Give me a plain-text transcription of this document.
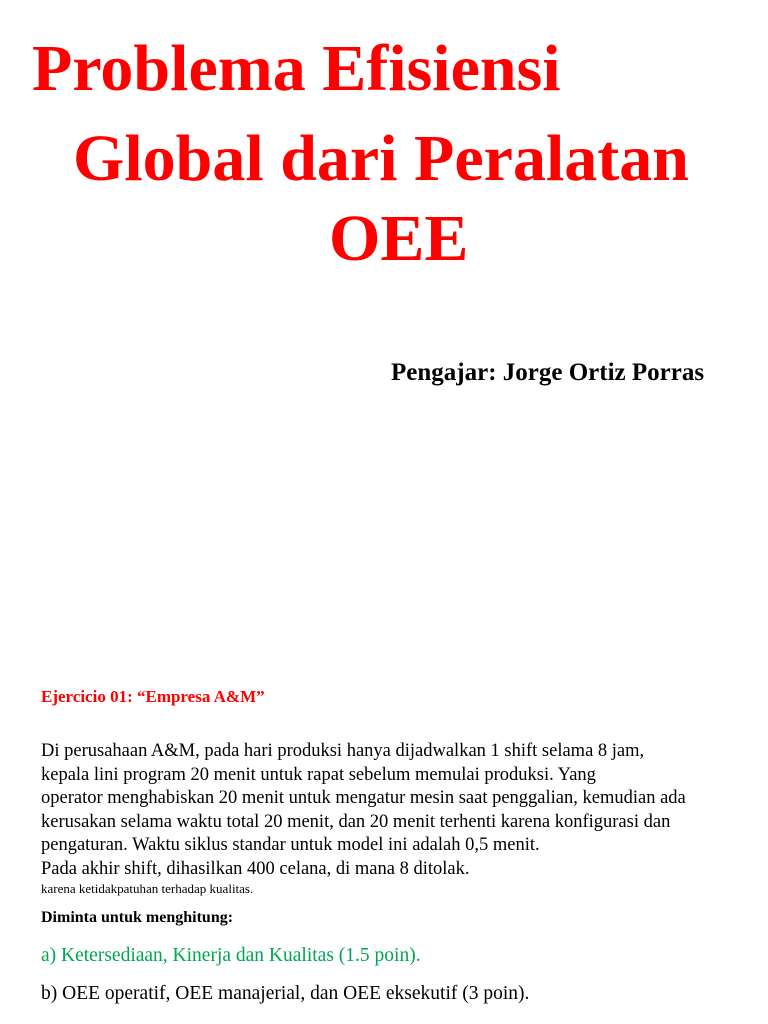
Problema Efisiensi
Global dari Peralatan
OEE
Pengajar: Jorge Ortiz Porras
Ejercicio 01: “Empresa A&M”
Di perusahaan A&M, pada hari produksi hanya dijadwalkan 1 shift selama 8 jam,
kepala lini program 20 menit untuk rapat sebelum memulai produksi. Yang
operator menghabiskan 20 menit untuk mengatur mesin saat penggalian, kemudian ada
kerusakan selama waktu total 20 menit, dan 20 menit terhenti karena konfigurasi dan
pengaturan. Waktu siklus standar untuk model ini adalah 0,5 menit.
Pada akhir shift, dihasilkan 400 celana, di mana 8 ditolak.
karena ketidakpatuhan terhadap kualitas.
Diminta untuk menghitung:
a) Ketersediaan, Kinerja dan Kualitas (1.5 poin).
b) OEE operatif, OEE manajerial, dan OEE eksekutif (3 poin).
